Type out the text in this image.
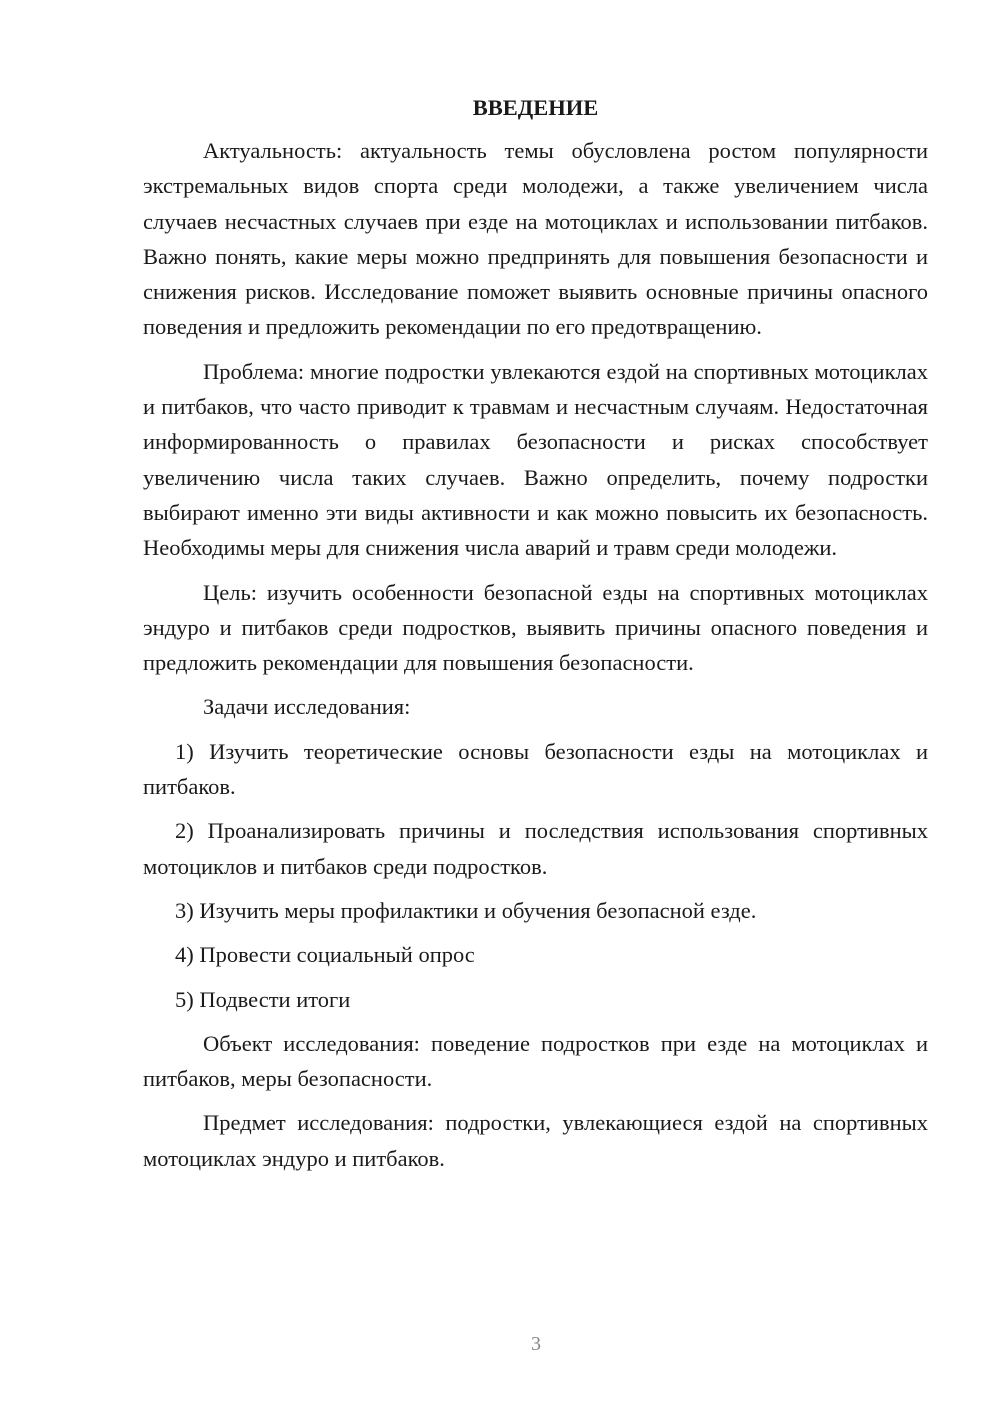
ВВЕДЕНИЕ

Актуальность: актуальность темы обусловлена ростом популярности экстремальных видов спорта среди молодежи, а также увеличением числа случаев несчастных случаев при езде на мотоциклах и использовании питбаков. Важно понять, какие меры можно предпринять для повышения безопасности и снижения рисков. Исследование поможет выявить основные причины опасного поведения и предложить рекомендации по его предотвращению.

Проблема: многие подростки увлекаются ездой на спортивных мотоциклах и питбаков, что часто приводит к травмам и несчастным случаям. Недостаточная информированность о правилах безопасности и рисках способствует увеличению числа таких случаев. Важно определить, почему подростки выбирают именно эти виды активности и как можно повысить их безопасность. Необходимы меры для снижения числа аварий и травм среди молодежи.

Цель: изучить особенности безопасной езды на спортивных мотоциклах эндуро и питбаков среди подростков, выявить причины опасного поведения и предложить рекомендации для повышения безопасности.

Задачи исследования:

1) Изучить теоретические основы безопасности езды на мотоциклах и питбаков.

2) Проанализировать причины и последствия использования спортивных мотоциклов и питбаков среди подростков.

3) Изучить меры профилактики и обучения безопасной езде.

4) Провести социальный опрос

5) Подвести итоги

Объект исследования: поведение подростков при езде на мотоциклах и питбаков, меры безопасности.

Предмет исследования: подростки, увлекающиеся ездой на спортивных мотоциклах эндуро и питбаков.

3
